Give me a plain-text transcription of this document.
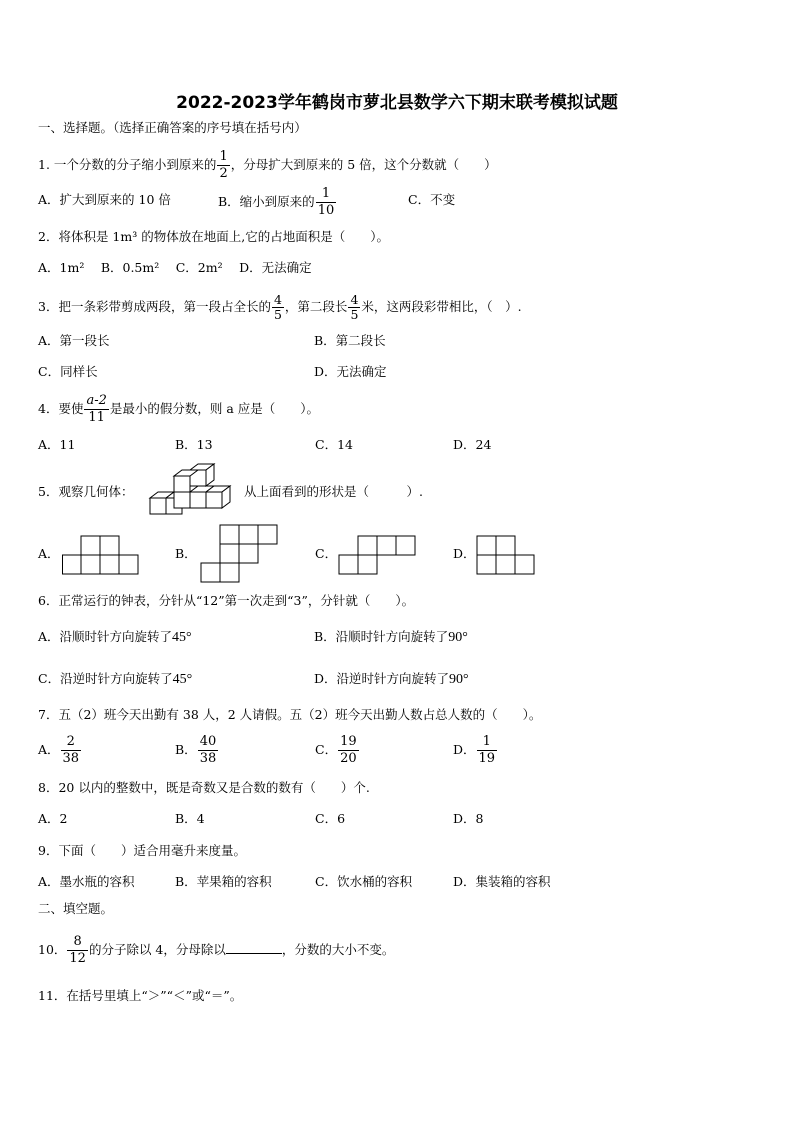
2022-2023学年鹤岗市萝北县数学六下期末联考模拟试题
一、选择题。（选择正确答案的序号填在括号内）
1. 一个分数的分子缩小到原来的 $\frac{1}{2}$ ，分母扩大到原来的 5 倍，这个分数就（　　）
A．扩大到原来的 10 倍	B．缩小到原来的 $\frac{1}{10}$	C．不变
2．将体积是 1m³ 的物体放在地面上,它的占地面积是（　　）。
A．1m²　 B．0.5m²　 C．2m²　 D．无法确定
3．把一条彩带剪成两段，第一段占全长的 $\frac{4}{5}$ ，第二段长 $\frac{4}{5}$ 米，这两段彩带相比，（　）.
A．第一段长	B．第二段长
C．同样长	D．无法确定
4．要使 $\frac{a-2}{11}$ 是最小的假分数，则 a 应是（　　）。
A．11	B．13	C．14	D．24
5．观察几何体：	从上面看到的形状是（　　　）.
A．	B．	C．	D．
6．正常运行的钟表，分针从“12”第一次走到“3”，分针就（　　）。
A．沿顺时针方向旋转了45°	B．沿顺时针方向旋转了90°
C．沿逆时针方向旋转了45°	D．沿逆时针方向旋转了90°
7．五（2）班今天出勤有 38 人，2 人请假。五（2）班今天出勤人数占总人数的（　　）。
A． $\frac{2}{38}$	B． $\frac{40}{38}$	C． $\frac{19}{20}$	D． $\frac{1}{19}$
8．20 以内的整数中，既是奇数又是合数的数有（　　）个.
A．2	B．4	C．6	D．8
9．下面（　　）适合用毫升来度量。
A．墨水瓶的容积	B．苹果箱的容积	C．饮水桶的容积	D．集装箱的容积
二、填空题。
10． $\frac{8}{12}$ 的分子除以 4，分母除以	，分数的大小不变。
11．在括号里填上“＞”“＜”或“＝”。
